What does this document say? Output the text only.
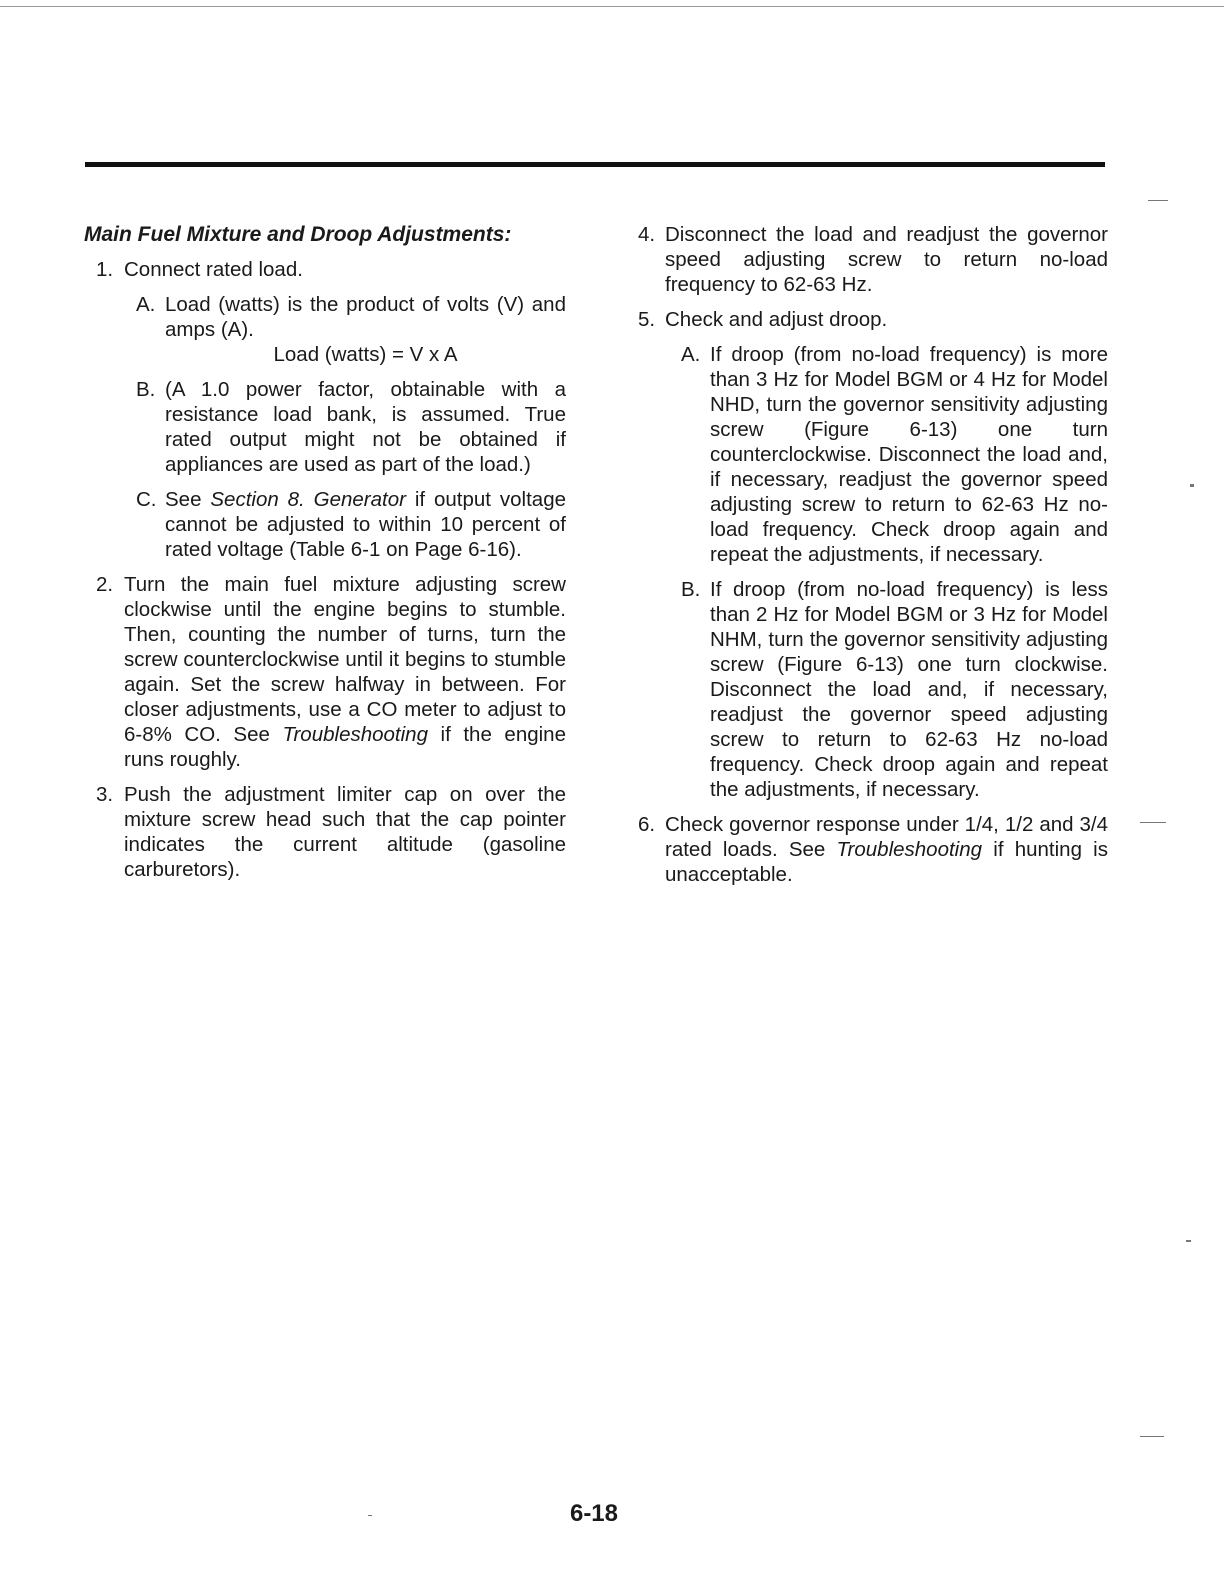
Main Fuel Mixture and Droop Adjustments:
1. Connect rated load.
A. Load (watts) is the product of volts (V) and amps (A).
Load (watts) = V x A
B. (A 1.0 power factor, obtainable with a resistance load bank, is assumed. True rated output might not be obtained if appliances are used as part of the load.)
C. See Section 8. Generator if output voltage cannot be adjusted to within 10 percent of rated voltage (Table 6-1 on Page 6-16).
2. Turn the main fuel mixture adjusting screw clockwise until the engine begins to stumble. Then, counting the number of turns, turn the screw counterclockwise until it begins to stumble again. Set the screw halfway in between. For closer adjustments, use a CO meter to adjust to 6-8% CO. See Troubleshooting if the engine runs roughly.
3. Push the adjustment limiter cap on over the mixture screw head such that the cap pointer indicates the current altitude (gasoline carburetors).
4. Disconnect the load and readjust the governor speed adjusting screw to return no-load frequency to 62-63 Hz.
5. Check and adjust droop.
A. If droop (from no-load frequency) is more than 3 Hz for Model BGM or 4 Hz for Model NHD, turn the governor sensitivity adjusting screw (Figure 6-13) one turn counterclockwise. Disconnect the load and, if necessary, readjust the governor speed adjusting screw to return to 62-63 Hz no-load frequency. Check droop again and repeat the adjustments, if necessary.
B. If droop (from no-load frequency) is less than 2 Hz for Model BGM or 3 Hz for Model NHM, turn the governor sensitivity adjusting screw (Figure 6-13) one turn clockwise. Disconnect the load and, if necessary, readjust the governor speed adjusting screw to return to 62-63 Hz no-load frequency. Check droop again and repeat the adjustments, if necessary.
6. Check governor response under 1/4, 1/2 and 3/4 rated loads. See Troubleshooting if hunting is unacceptable.
6-18
